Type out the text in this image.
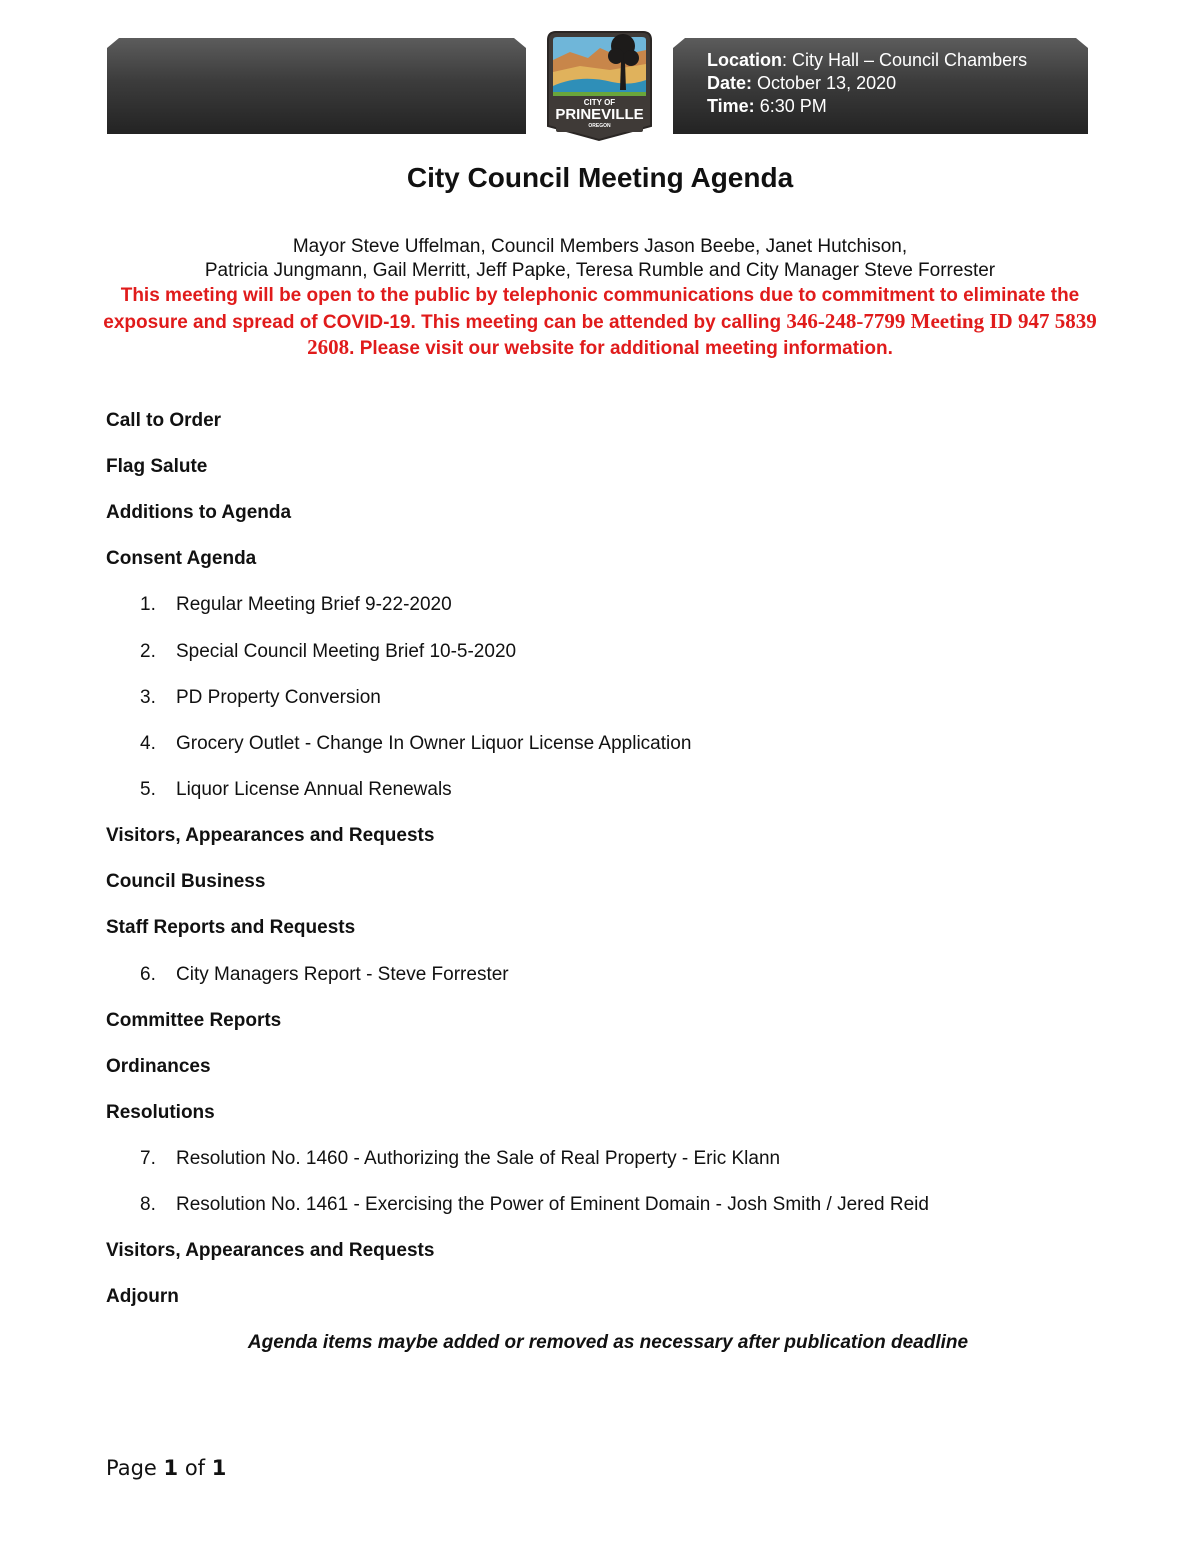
Location: City Hall – Council Chambers
Date: October 13, 2020
Time: 6:30 PM
CITY OF
PRINEVILLE
OREGON
City Council Meeting Agenda
Mayor Steve Uffelman, Council Members Jason Beebe, Janet Hutchison,
Patricia Jungmann, Gail Merritt, Jeff Papke, Teresa Rumble and City Manager Steve Forrester
This meeting will be open to the public by telephonic communications due to commitment to eliminate the exposure and spread of COVID-19. This meeting can be attended by calling 346-248-7799 Meeting ID 947 5839 2608. Please visit our website for additional meeting information.
Call to Order
Flag Salute
Additions to Agenda
Consent Agenda
1. Regular Meeting Brief 9-22-2020
2. Special Council Meeting Brief 10-5-2020
3. PD Property Conversion
4. Grocery Outlet - Change In Owner Liquor License Application
5. Liquor License Annual Renewals
Visitors, Appearances and Requests
Council Business
Staff Reports and Requests
6. City Managers Report - Steve Forrester
Committee Reports
Ordinances
Resolutions
7. Resolution No. 1460 - Authorizing the Sale of Real Property - Eric Klann
8. Resolution No. 1461 - Exercising the Power of Eminent Domain - Josh Smith / Jered Reid
Visitors, Appearances and Requests
Adjourn
Agenda items maybe added or removed as necessary after publication deadline
Page 1 of 1
